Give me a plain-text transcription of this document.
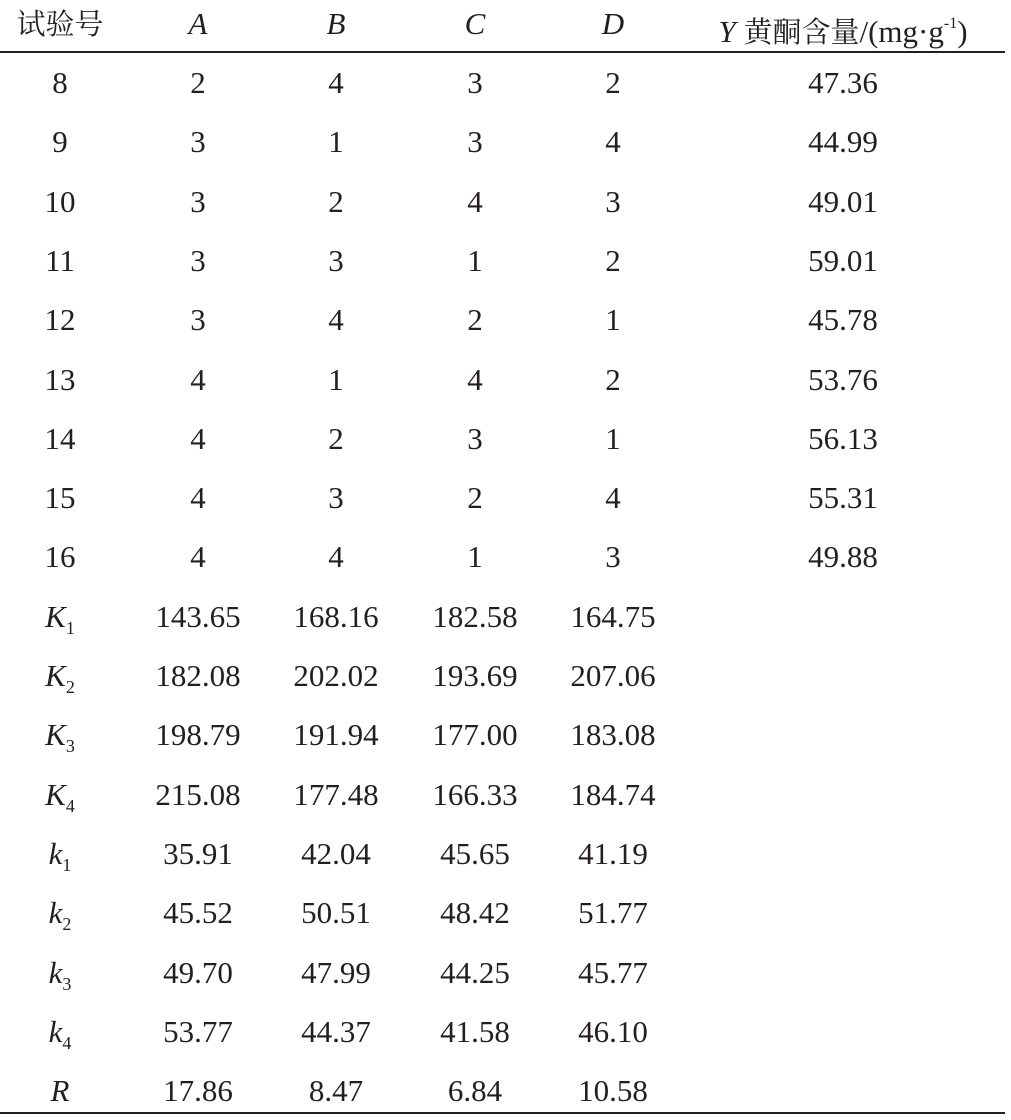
试验号	A	B	C	D	Y 黄酮含量$/(mg\cdot g^{-1})$
8	2	4	3	2	47.36
9	3	1	3	4	44.99
10	3	2	4	3	49.01
11	3	3	1	2	59.01
12	3	4	2	1	45.78
13	4	1	4	2	53.76
14	4	2	3	1	56.13
15	4	3	2	4	55.31
16	4	4	1	3	49.88
$K_1$	143.65	168.16	182.58	164.75
$K_2$	182.08	202.02	193.69	207.06
$K_3$	198.79	191.94	177.00	183.08
$K_4$	215.08	177.48	166.33	184.74
$k_1$	35.91	42.04	45.65	41.19
$k_2$	45.52	50.51	48.42	51.77
$k_3$	49.70	47.99	44.25	45.77
$k_4$	53.77	44.37	41.58	46.10
R	17.86	8.47	6.84	10.58
